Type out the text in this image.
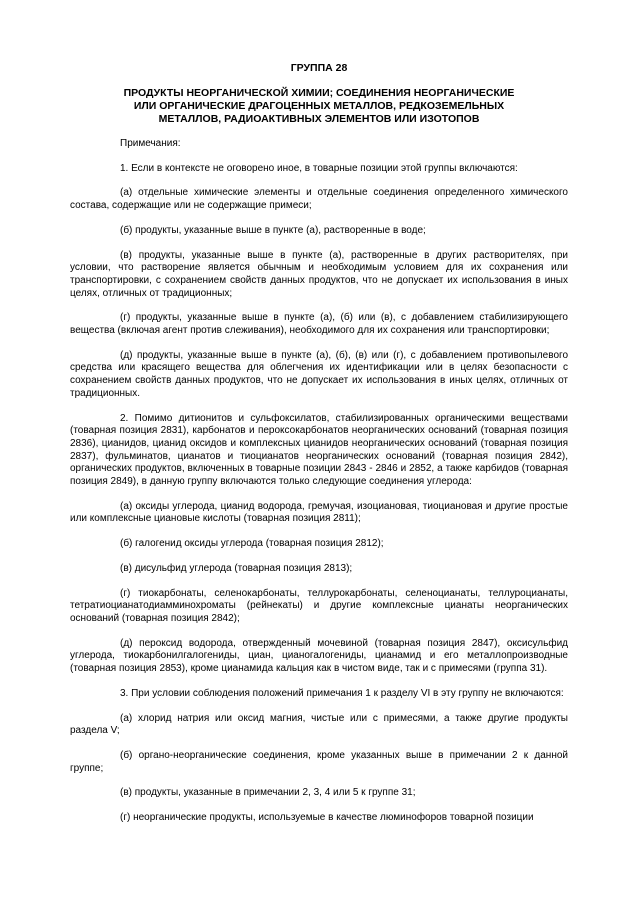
ГРУППА 28

ПРОДУКТЫ НЕОРГАНИЧЕСКОЙ ХИМИИ; СОЕДИНЕНИЯ НЕОРГАНИЧЕСКИЕ
ИЛИ ОРГАНИЧЕСКИЕ ДРАГОЦЕННЫХ МЕТАЛЛОВ, РЕДКОЗЕМЕЛЬНЫХ
МЕТАЛЛОВ, РАДИОАКТИВНЫХ ЭЛЕМЕНТОВ ИЛИ ИЗОТОПОВ

Примечания:

1. Если в контексте не оговорено иное, в товарные позиции этой группы включаются:

(а) отдельные химические элементы и отдельные соединения определенного химического состава, содержащие или не содержащие примеси;

(б) продукты, указанные выше в пункте (а), растворенные в воде;

(в) продукты, указанные выше в пункте (а), растворенные в других растворителях, при условии, что растворение является обычным и необходимым условием для их сохранения или транспортировки, с сохранением свойств данных продуктов, что не допускает их использования в иных целях, отличных от традиционных;

(г) продукты, указанные выше в пункте (а), (б) или (в), с добавлением стабилизирующего вещества (включая агент против слеживания), необходимого для их сохранения или транспортировки;

(д) продукты, указанные выше в пункте (а), (б), (в) или (г), с добавлением противопылевого средства или красящего вещества для облегчения их идентификации или в целях безопасности с сохранением свойств данных продуктов, что не допускает их использования в иных целях, отличных от традиционных.

2. Помимо дитионитов и сульфоксилатов, стабилизированных органическими веществами (товарная позиция 2831), карбонатов и пероксокарбонатов неорганических оснований (товарная позиция 2836), цианидов, цианид оксидов и комплексных цианидов неорганических оснований (товарная позиция 2837), фульминатов, цианатов и тиоцианатов неорганических оснований (товарная позиция 2842), органических продуктов, включенных в товарные позиции 2843 - 2846 и 2852, а также карбидов (товарная позиция 2849), в данную группу включаются только следующие соединения углерода:

(а) оксиды углерода, цианид водорода, гремучая, изоциановая, тиоциановая и другие простые или комплексные циановые кислоты (товарная позиция 2811);

(б) галогенид оксиды углерода (товарная позиция 2812);

(в) дисульфид углерода (товарная позиция 2813);

(г) тиокарбонаты, селенокарбонаты, теллурокарбонаты, селеноцианаты, теллуроцианаты, тетратиоцианатодиамминохроматы (рейнекаты) и другие комплексные цианаты неорганических оснований (товарная позиция 2842);

(д) пероксид водорода, отвержденный мочевиной (товарная позиция 2847), оксисульфид углерода, тиокарбонилгалогениды, циан, цианогалогениды, цианамид и его металлопроизводные (товарная позиция 2853), кроме цианамида кальция как в чистом виде, так и с примесями (группа 31).

3. При условии соблюдения положений примечания 1 к разделу VI в эту группу не включаются:

(а) хлорид натрия или оксид магния, чистые или с примесями, а также другие продукты раздела V;

(б) органо-неорганические соединения, кроме указанных выше в примечании 2 к данной группе;

(в) продукты, указанные в примечании 2, 3, 4 или 5 к группе 31;

(г) неорганические продукты, используемые в качестве люминофоров товарной позиции
